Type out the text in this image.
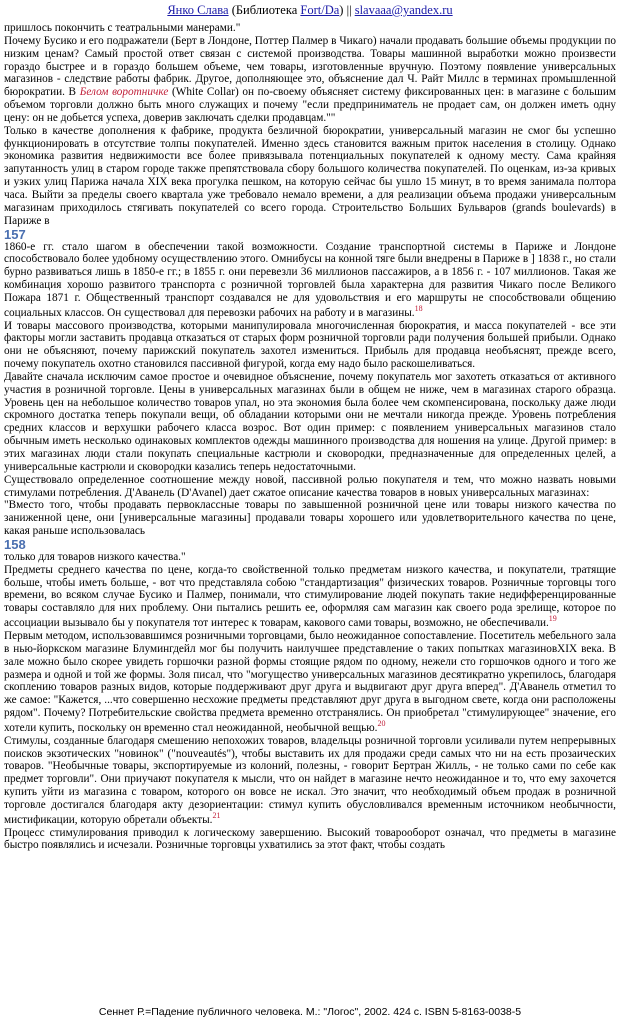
Янко Слава (Библиотека Fort/Da) || slavaaa@yandex.ru

пришлось покончить с театральными манерами."

Почему Бусико и его подражатели (Берт в Лондоне, Поттер Палмер в Чикаго) начали продавать большие объемы продукции по низким ценам? Самый простой ответ связан с системой производства. Товары машинной выработки можно произвести гораздо быстрее и в гораздо большем объеме, чем товары, изготовленные вручную. Поэтому появление универсальных магазинов - следствие работы фабрик. Другое, дополняющее это, объяснение дал Ч. Райт Миллс в терминах промышленной бюрократии. В Белом воротничке (White Collar) он по-своему объясняет систему фиксированных цен: в магазине с большим объемом торговли должно быть много служащих и почему "если предприниматель не продает сам, он должен иметь одну цену: он не добьется успеха, доверив заключать сделки продавцам.""

Только в качестве дополнения к фабрике, продукта безличной бюрократии, универсальный магазин не смог бы успешно функционировать в отсутствие толпы покупателей. Именно здесь становится важным приток населения в столицу. Однако экономика развития недвижимости все более привязывала потенциальных покупателей к одному месту. Сама крайняя запутанность улиц в старом городе также препятствовала сбору большого количества покупателей. По оценкам, из-за кривых и узких улиц Парижа начала XIX века прогулка пешком, на которую сейчас бы ушло 15 минут, в то время занимала полтора часа. Выйти за пределы своего квартала уже требовало немало времени, а для реализации объема продажи универсальным магазинам приходилось стягивать покупателей со всего города. Строительство Больших Бульваров (grands boulevards) в Париже в

157

1860-е гг. стало шагом в обеспечении такой возможности. Создание транспортной системы в Париже и Лондоне способствовало более удобному осуществлению этого. Омнибусы на конной тяге были внедрены в Париже в ] 1838 г., но стали бурно развиваться лишь в 1850-е гг.; в 1855 г. они перевезли 36 миллионов пассажиров, а в 1856 г. - 107 миллионов. Такая же комбинация хорошо развитого транспорта с розничной торговлей была характерна для развития Чикаго после Великого Пожара 1871 г. Общественный транспорт создавался не для удовольствия и его маршруты не способствовали общению социальных классов. Он существовал для перевозки рабочих на работу и в магазины.$^{18}$

И товары массового производства, которыми манипулировала многочисленная бюрократия, и масса покупателей - все эти факторы могли заставить продавца отказаться от старых форм розничной торговли ради получения большей прибыли. Однако они не объясняют, почему парижский покупатель захотел измениться. Прибыль для продавца необъяснят, прежде всего, почему покупатель охотно становился пассивной фигурой, когда ему надо было раскошеливаться.

Давайте сначала исключим самое простое и очевидное объяснение, почему покупатель мог захотеть отказаться от активного участия в розничной торговле. Цены в универсальных магазинах были в общем не ниже, чем в магазинах старого образца. Уровень цен на небольшое количество товаров упал, но эта экономия была более чем скомпенсирована, поскольку даже люди скромного достатка теперь покупали вещи, об обладании которыми они не мечтали никогда прежде. Уровень потребления средних классов и верхушки рабочего класса возрос. Вот один пример: с появлением универсальных магазинов стало обычным иметь несколько одинаковых комплектов одежды машинного производства для ношения на улице. Другой пример: в этих магазинах люди стали покупать специальные кастрюли и сковородки, предназначенные для определенных целей, а универсальные кастрюли и сковородки казались теперь недостаточными.

Существовало определенное соотношение между новой, пассивной ролью покупателя и тем, что можно назвать новыми стимулами потребления. Д'Аванель (D'Avanel) дает сжатое описание качества товаров в новых универсальных магазинах:

"Вместо того, чтобы продавать первоклассные товары по завышенной розничной цене или товары низкого качества по заниженной цене, они [универсальные магазины] продавали товары хорошего или удовлетворительного качества по цене, какая раньше использовалась

158

только для товаров низкого качества."

Предметы среднего качества по цене, когда-то свойственной только предметам низкого качества, и покупатели, тратящие больше, чтобы иметь больше, - вот что представляла собою "стандартизация" физических товаров. Розничные торговцы того времени, во всяком случае Бусико и Палмер, понимали, что стимулирование людей покупать такие недифференцированные товары составляло для них проблему. Они пытались решить ее, оформляя сам магазин как своего рода зрелище, которое по ассоциации вызывало бы у покупателя тот интерес к товарам, какового сами товары, возможно, не обеспечивали.$^{19}$

Первым методом, использовавшимся розничными торговцами, было неожиданное сопоставление. Посетитель мебельного зала в нью-йоркском магазине Блумингдейл мог бы получить наилучшее представление о таких попытках магазиновXIX века. В зале можно было скорее увидеть горшочки разной формы стоящие рядом по одному, нежели сто горшочков одного и того же размера и одной и той же формы. Золя писал, что "могущество универсальных магазинов десятикратно укрепилось, благодаря скоплению товаров разных видов, которые поддерживают друг друга и выдвигают друг друга вперед". Д'Аванель отметил то же самое: "Кажется, ...что совершенно несхожие предметы представляют друг друга в выгодном свете, когда они расположены рядом". Почему? Потребительские свойства предмета временно отстранялись. Он приобретал "стимулирующее" значение, его хотели купить, поскольку он временно стал неожиданной, необычной вещью.$^{20}$

Стимулы, созданные благодаря смешению непохожих товаров, владельцы розничной торговли усиливали путем непрерывных поисков экзотических "новинок" ("nouveautés"), чтобы выставить их для продажи среди самых что ни на есть прозаических товаров. "Необычные товары, экспортируемые из колоний, полезны, - говорит Бертран Жилль, - не только сами по себе как предмет торговли". Они приучают покупателя к мысли, что он найдет в магазине нечто неожиданное и то, что ему захочется купить уйти из магазина с товаром, которого он вовсе не искал. Это значит, что необходимый объем продаж в розничной торговле достигался благодаря акту дезориентации: стимул купить обусловливался временным источником необычности, мистификации, которую обретали объекты.$^{21}$

Процесс стимулирования приводил к логическому завершению. Высокий товарооборот означал, что предметы в магазине быстро появлялись и исчезали. Розничные торговцы ухватились за этот факт, чтобы создать

Сеннет Р.=Падение публичного человека. М.: "Логос", 2002. 424 с. ISBN 5-8163-0038-5
